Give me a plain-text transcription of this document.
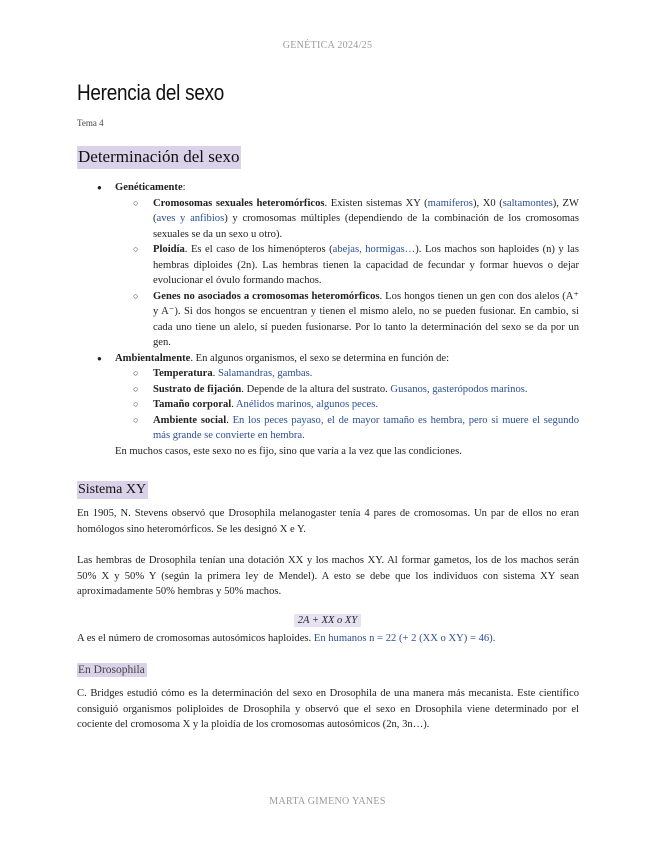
GENÉTICA 2024/25
Herencia del sexo
Tema 4
Determinación del sexo
● Genéticamente:
○ Cromosomas sexuales heteromórficos. Existen sistemas XY (mamíferos), X0 (saltamontes), ZW (aves y anfibios) y cromosomas múltiples (dependiendo de la combinación de los cromosomas sexuales se da un sexo u otro).
○ Ploidía. Es el caso de los himenópteros (abejas, hormigas…). Los machos son haploides (n) y las hembras diploides (2n). Las hembras tienen la capacidad de fecundar y formar huevos o dejar evolucionar el óvulo formando machos.
○ Genes no asociados a cromosomas heteromórficos. Los hongos tienen un gen con dos alelos (A⁺ y A⁻). Si dos hongos se encuentran y tienen el mismo alelo, no se pueden fusionar. En cambio, si cada uno tiene un alelo, sí pueden fusionarse. Por lo tanto la determinación del sexo se da por un gen.
● Ambientalmente. En algunos organismos, el sexo se determina en función de:
○ Temperatura. Salamandras, gambas.
○ Sustrato de fijación. Depende de la altura del sustrato. Gusanos, gasterópodos marinos.
○ Tamaño corporal. Anélidos marinos, algunos peces.
○ Ambiente social. En los peces payaso, el de mayor tamaño es hembra, pero si muere el segundo más grande se convierte en hembra.
En muchos casos, este sexo no es fijo, sino que varía a la vez que las condiciones.
Sistema XY

En 1905, N. Stevens observó que Drosophila melanogaster tenía 4 pares de cromosomas. Un par de ellos no eran homólogos sino heteromórficos. Se les designó X e Y.

Las hembras de Drosophila tenían una dotación XX y los machos XY. Al formar gametos, los de los machos serán 50% X y 50% Y (según la primera ley de Mendel). A esto se debe que los individuos con sistema XY sean aproximadamente 50% hembras y 50% machos.

2A + XX o XY
A es el número de cromosomas autosómicos haploides. En humanos n = 22 (+ 2 (XX o XY) = 46).
En Drosophila

C. Bridges estudió cómo es la determinación del sexo en Drosophila de una manera más mecanista. Este científico consiguió organismos poliploides de Drosophila y observó que el sexo en Drosophila viene determinado por el cociente del cromosoma X y la ploidía de los cromosomas autosómicos (2n, 3n…).

MARTA GIMENO YANES
